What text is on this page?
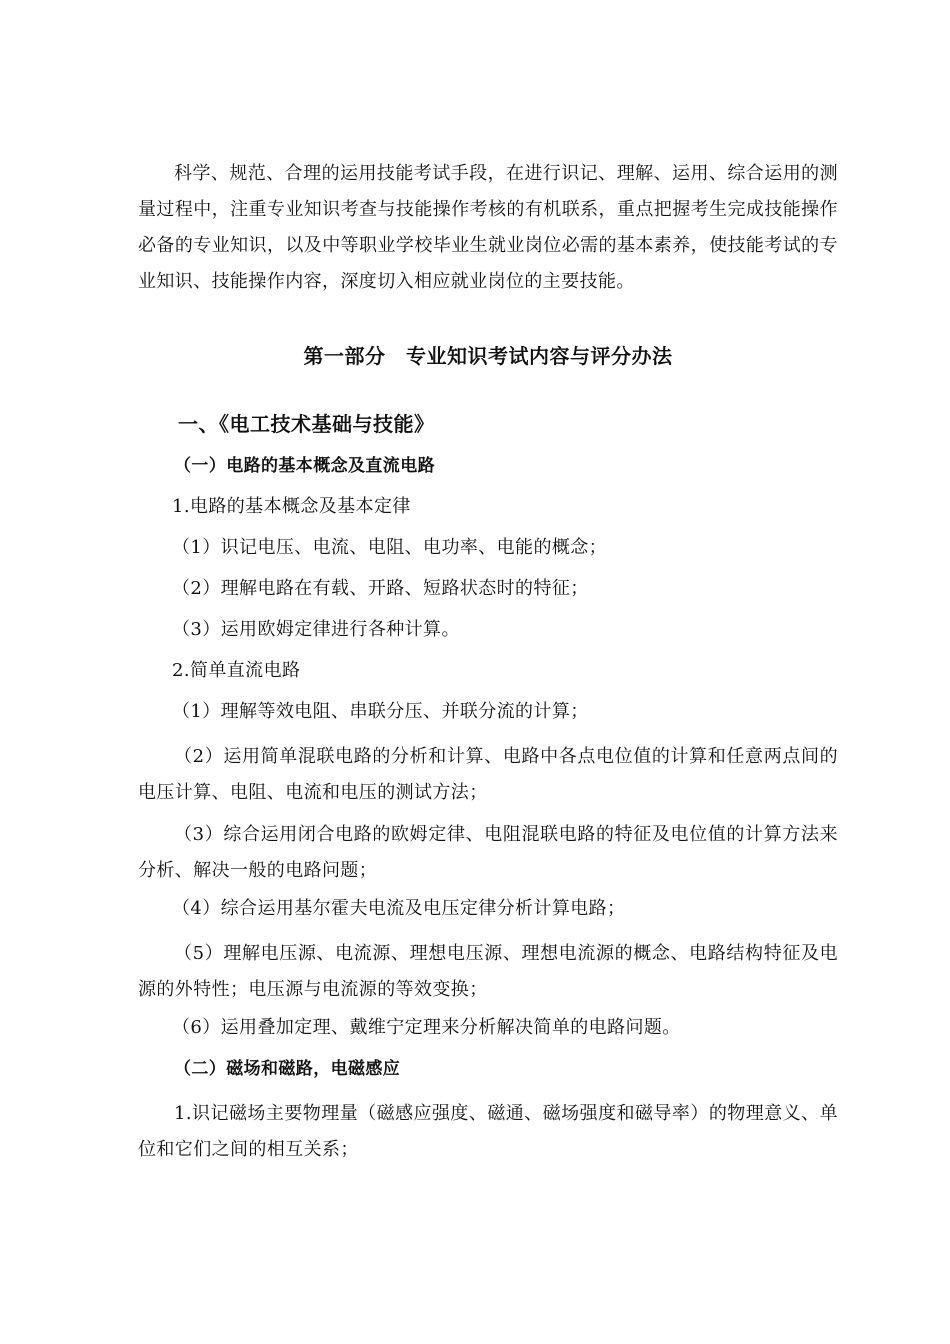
科学、规范、合理的运用技能考试手段，在进行识记、理解、运用、综合运用的测量过程中，注重专业知识考查与技能操作考核的有机联系，重点把握考生完成技能操作必备的专业知识，以及中等职业学校毕业生就业岗位必需的基本素养，使技能考试的专业知识、技能操作内容，深度切入相应就业岗位的主要技能。

第一部分　专业知识考试内容与评分办法
一、《电工技术基础与技能》
（一）电路的基本概念及直流电路

1.电路的基本概念及基本定律

（1）识记电压、电流、电阻、电功率、电能的概念；

（2）理解电路在有载、开路、短路状态时的特征；

（3）运用欧姆定律进行各种计算。

2.简单直流电路

（1）理解等效电阻、串联分压、并联分流的计算；

（2）运用简单混联电路的分析和计算、电路中各点电位值的计算和任意两点间的电压计算、电阻、电流和电压的测试方法；

（3）综合运用闭合电路的欧姆定律、电阻混联电路的特征及电位值的计算方法来分析、解决一般的电路问题；

（4）综合运用基尔霍夫电流及电压定律分析计算电路；

（5）理解电压源、电流源、理想电压源、理想电流源的概念、电路结构特征及电源的外特性；电压源与电流源的等效变换；

（6）运用叠加定理、戴维宁定理来分析解决简单的电路问题。

（二）磁场和磁路，电磁感应

1.识记磁场主要物理量（磁感应强度、磁通、磁场强度和磁导率）的物理意义、单位和它们之间的相互关系；
